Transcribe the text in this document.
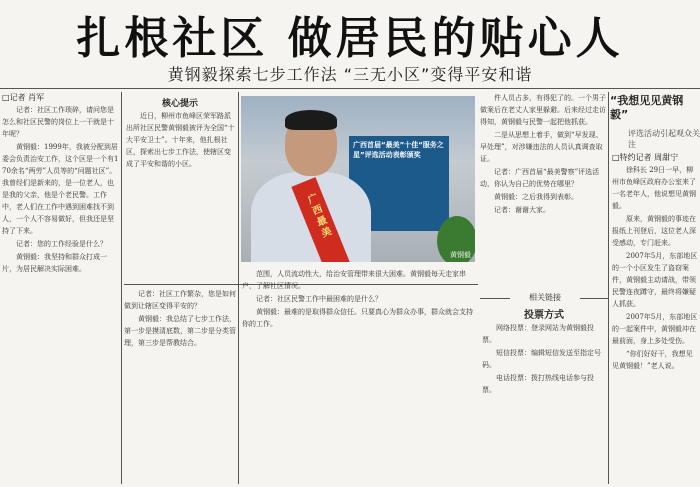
扎根社区 做居民的贴心人
黄钢毅探索七步工作法 “三无小区”变得平安和谐
□记者 肖军

记者：社区工作琐碎，请问您是怎么和社区民警的岗位上一干就是十年呢？

黄钢毅：1999年，我被分配到居委会负责治安工作，这个区是一个有170余名“两劳”人员等的“问题社区”。我曾经们是新来的，是一位老人，也是我的父亲，他是个老民警。工作中，老人们在工作中遇到困难找不到人，一个人不容易做好，但我还是坚持了下来。

记者：您的工作经验是什么？

黄钢毅：我坚持和群众打成一片，为居民解决实际困难。

核心提示

近日，柳州市鱼峰区荣军路派出所社区民警黄钢毅被评为全国“十大平安卫士”。十年来，他扎根社区，探索出七步工作法，使辖区变成了平安和谐的小区。

广西首届“最美”十佳“服务之星”评选活动表彰颁奖
广西最美
黄钢毅

件人员占多，有得犯了的。一个男子做案后在老丈人家里躲避。后来经过走访得知，黄钢毅与民警一起把他抓获。

二是从思想上着手，做到“早发现、早处理”，对涉嫌违法的人员认真调查取证。

记者：广西首届“最美警察”评选活动，你认为自己的优势在哪里？

黄钢毅：之后我得到表彰。

记者：谢谢大家。

“我想见见黄钢毅”
评选活动引起观众关注
□特约记者 周甜宁

徐科长 29日一早，柳州市鱼峰区政府办公室来了一名老年人，他说想见黄钢毅。

原来，黄钢毅的事迹在报纸上刊登后，这位老人深受感动，专门赶来。

2007年5月，东部地区的一个小区发生了盗窃案件，黄钢毅主动请战，带领民警连夜蹲守，最终将嫌疑人抓获。

2007年5月，东部地区的一起案件中，黄钢毅冲在最前面，身上多处受伤。

“你们好好干，我想见见黄钢毅！”老人说。

记者：社区工作繁杂，您是如何做到让辖区变得平安的？

黄钢毅：我总结了七步工作法，第一步是摸清底数，第二步是分类管理，第三步是帮教结合。

范围，人员流动性大，给治安管理带来很大困难。黄钢毅每天走家串户，了解社区情况。

记者：社区民警工作中最困难的是什么？

黄钢毅：最难的是取得群众信任。只要真心为群众办事，群众就会支持你的工作。

相关链接
投票方式

网络投票：登录网站为黄钢毅投票。

短信投票：编辑短信发送至指定号码。

电话投票：拨打热线电话参与投票。
